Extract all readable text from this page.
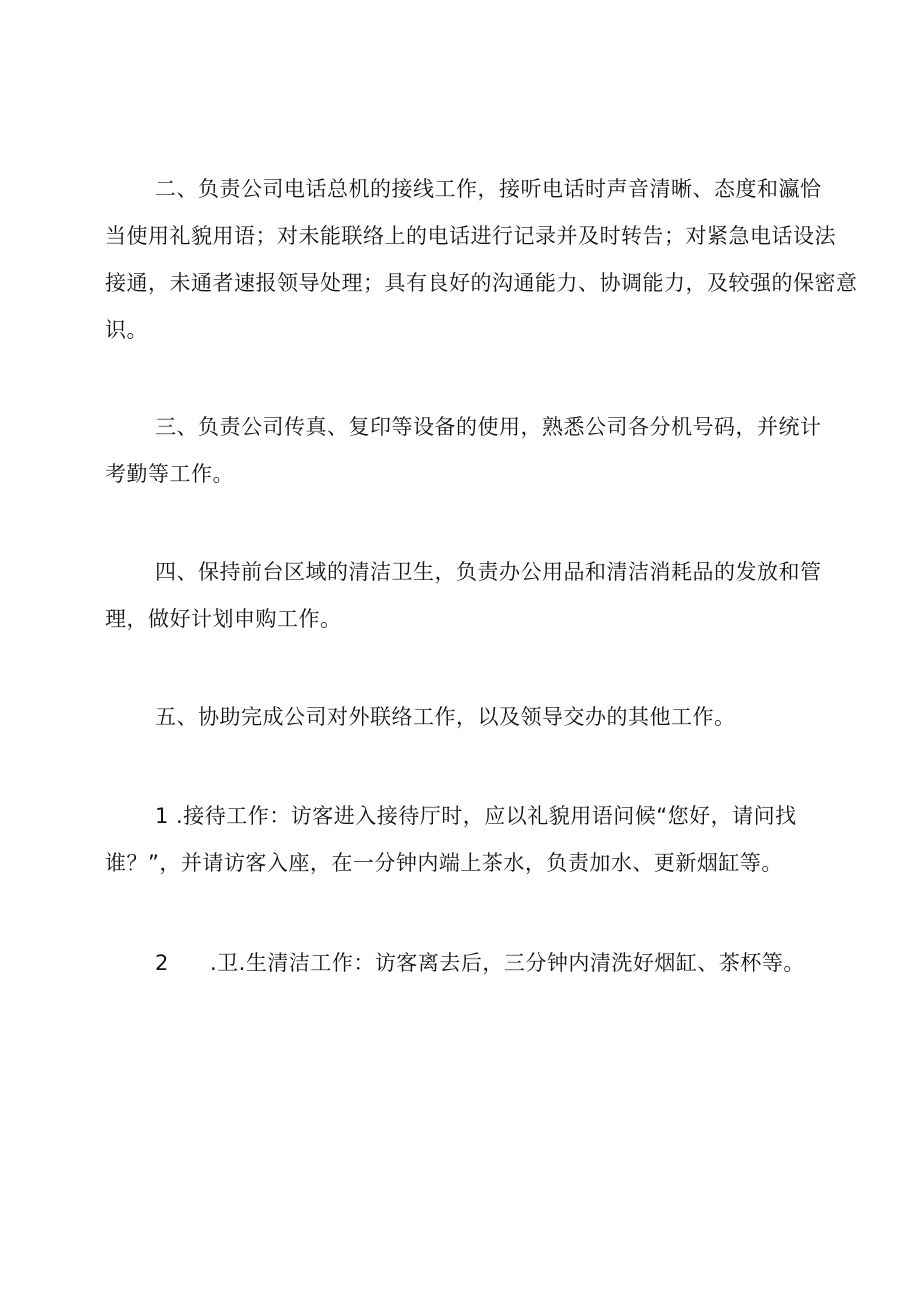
二、负责公司电话总机的接线工作，接听电话时声音清晰、态度和瀛恰
当使用礼貌用语；对未能联络上的电话进行记录并及时转告；对紧急电话设法
接通，未通者速报领导处理；具有良好的沟通能力、协调能力，及较强的保密意
识。
三、负责公司传真、复印等设备的使用，熟悉公司各分机号码，并统计
考勤等工作。
四、保持前台区域的清洁卫生，负责办公用品和清洁消耗品的发放和管
理，做好计划申购工作。
五、协助完成公司对外联络工作，以及领导交办的其他工作。
1 .接待工作：访客进入接待厅时，应以礼貌用语问候“您好，请问找
谁？”，并请访客入座，在一分钟内端上茶水，负责加水、更新烟缸等。
2 .卫.生清洁工作：访客离去后，三分钟内清洗好烟缸、茶杯等。
